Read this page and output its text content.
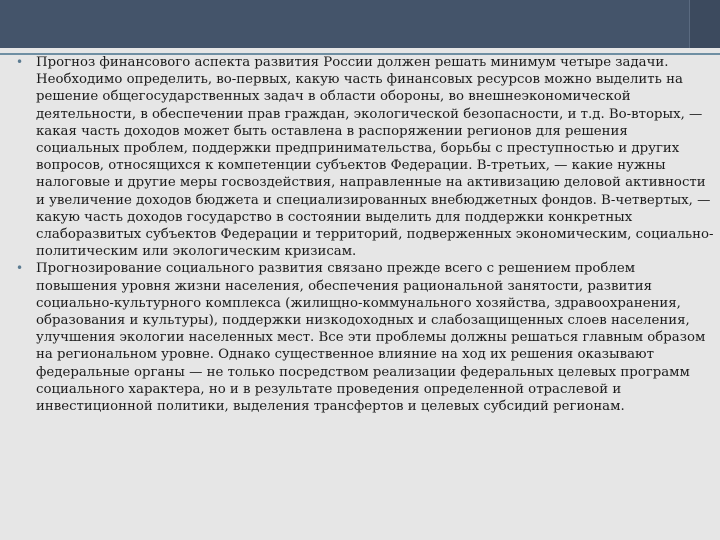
• Прогноз финансового аспекта развития России должен решать минимум четыре задачи. Необходимо определить, во-первых, какую часть финансовых ресурсов можно выделить на решение общегосударственных задач в области обороны, во внешнеэкономической деятельности, в обеспечении прав граждан, экологической безопасности, и т.д. Во-вторых, — какая часть доходов может быть оставлена в распоряжении регионов для решения социальных проблем, поддержки предпринимательства, борьбы с преступностью и других вопросов, относящихся к компетенции субъектов Федерации. В-третьих, — какие нужны налоговые и другие меры госвоздействия, направленные на активизацию деловой активности и увеличение доходов бюджета и специализированных внебюджетных фондов. В-четвертых, — какую часть доходов государство в состоянии выделить для поддержки конкретных слаборазвитых субъектов Федерации и территорий, подверженных экономическим, социально-политическим или экологическим кризисам.
• Прогнозирование социального развития связано прежде всего с решением проблем повышения уровня жизни населения, обеспечения рациональной занятости, развития социально-культурного комплекса (жилищно-коммунального хозяйства, здравоохранения, образования и культуры), поддержки низкодоходных и слабозащищенных слоев населения, улучшения экологии населенных мест. Все эти проблемы должны решаться главным образом на региональном уровне. Однако существенное влияние на ход их решения оказывают федеральные органы — не только посредством реализации федеральных целевых программ социального характера, но и в результате проведения определенной отраслевой и инвестиционной политики, выделения трансфертов и целевых субсидий регионам.
